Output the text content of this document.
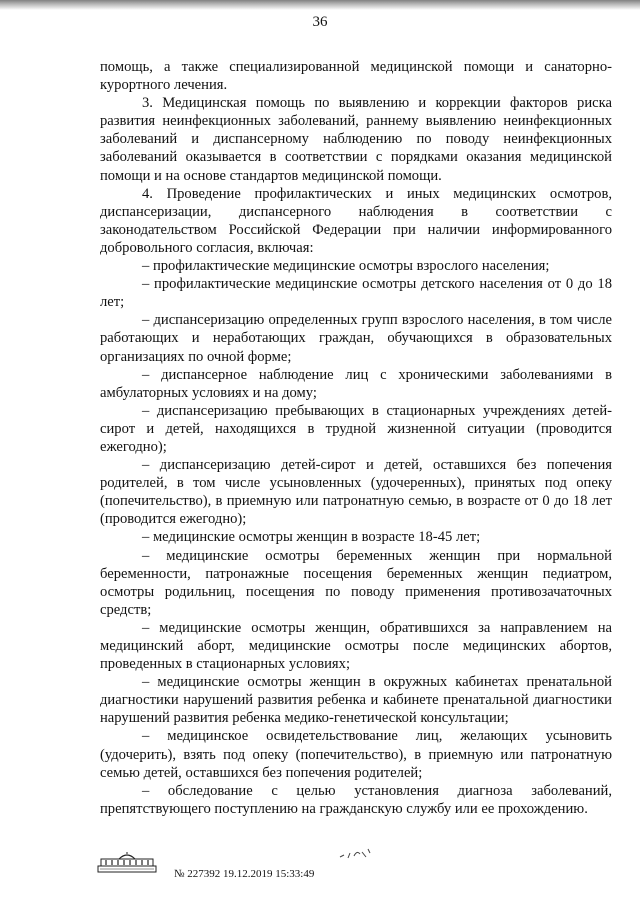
36

помощь, а также специализированной медицинской помощи и санаторно-курортного лечения.

3. Медицинская помощь по выявлению и коррекции факторов риска развития неинфекционных заболеваний, раннему выявлению неинфекционных заболеваний и диспансерному наблюдению по поводу неинфекционных заболеваний оказывается в соответствии с порядками оказания медицинской помощи и на основе стандартов медицинской помощи.

4. Проведение профилактических и иных медицинских осмотров, диспансеризации, диспансерного наблюдения в соответствии с законодательством Российской Федерации при наличии информированного добровольного согласия, включая:

– профилактические медицинские осмотры взрослого населения;

– профилактические медицинские осмотры детского населения от 0 до 18 лет;

– диспансеризацию определенных групп взрослого населения, в том числе работающих и неработающих граждан, обучающихся в образовательных организациях по очной форме;

– диспансерное наблюдение лиц с хроническими заболеваниями в амбулаторных условиях и на дому;

– диспансеризацию пребывающих в стационарных учреждениях детей-сирот и детей, находящихся в трудной жизненной ситуации (проводится ежегодно);

– диспансеризацию детей-сирот и детей, оставшихся без попечения родителей, в том числе усыновленных (удочеренных), принятых под опеку (попечительство), в приемную или патронатную семью, в возрасте от 0 до 18 лет (проводится ежегодно);

– медицинские осмотры женщин в возрасте 18-45 лет;

– медицинские осмотры беременных женщин при нормальной беременности, патронажные посещения беременных женщин педиатром, осмотры родильниц, посещения по поводу применения противозачаточных средств;

– медицинские осмотры женщин, обратившихся за направлением на медицинский аборт, медицинские осмотры после медицинских абортов, проведенных в стационарных условиях;

– медицинские осмотры женщин в окружных кабинетах пренатальной диагностики нарушений развития ребенка и кабинете пренатальной диагностики нарушений развития ребенка медико-генетической консультации;

– медицинское освидетельствование лиц, желающих усыновить (удочерить), взять под опеку (попечительство), в приемную или патронатную семью детей, оставшихся без попечения родителей;

– обследование с целью установления диагноза заболеваний, препятствующего поступлению на гражданскую службу или ее прохождению.

№ 227392 19.12.2019 15:33:49
